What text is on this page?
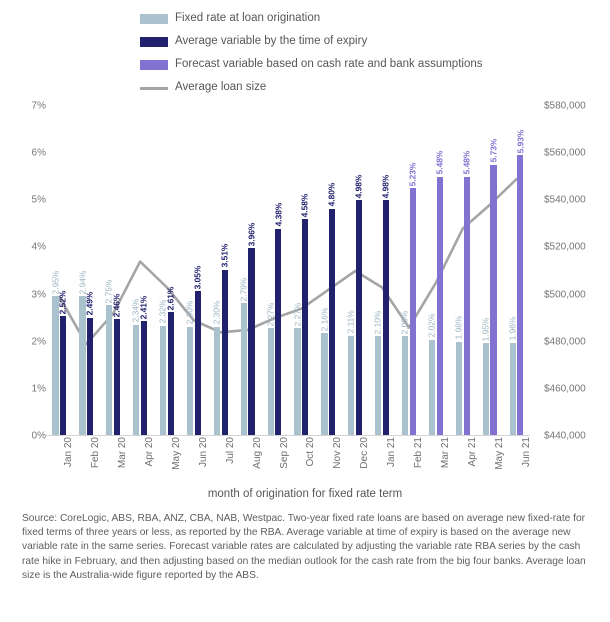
Fixed rate at loan origination
Average variable by the time of expiry
Forecast variable based on cash rate and bank assumptions
Average loan size
0%
1%
2%
3%
4%
5%
6%
7%
$440,000
$460,000
$480,000
$500,000
$520,000
$540,000
$560,000
$580,000
2.95%
2.52%
2.94%
2.49%
2.75%
2.46% 2.34%
2.41% 2.32%
2.61%
2.30%
3.05%
2.30%
3.51%
2.79%
3.96%
2.27%
4.38%
2.27%
4.58%
2.16%
4.80%
2.11%
4.98%
2.10%
4.98%
2.09%
5.23%
2.02%
5.48%
1.98%
5.48%
1.95%
5.73%
1.96%
5.93%
Jan 20 Feb 20 Mar 20 Apr 20 May 20 Jun 20 Jul 20 Aug 20 Sep 20 Oct 20 Nov 20 Dec 20 Jan 21 Feb 21 Mar 21 Apr 21 May 21 Jun 21
month of origination for fixed rate term
Source: CoreLogic, ABS, RBA, ANZ, CBA, NAB, Westpac. Two-year fixed rate loans are based on average new fixed-rate for fixed terms of three years or less, as reported by the RBA. Average variable at time of expiry is based on the average new variable rate in the same series. Forecast variable rates are calculated by adjusting the variable rate RBA series by the cash rate hike in February, and then adjusting based on the median outlook for the cash rate from the big four banks. Average loan size is the Australia-wide figure reported by the ABS.
